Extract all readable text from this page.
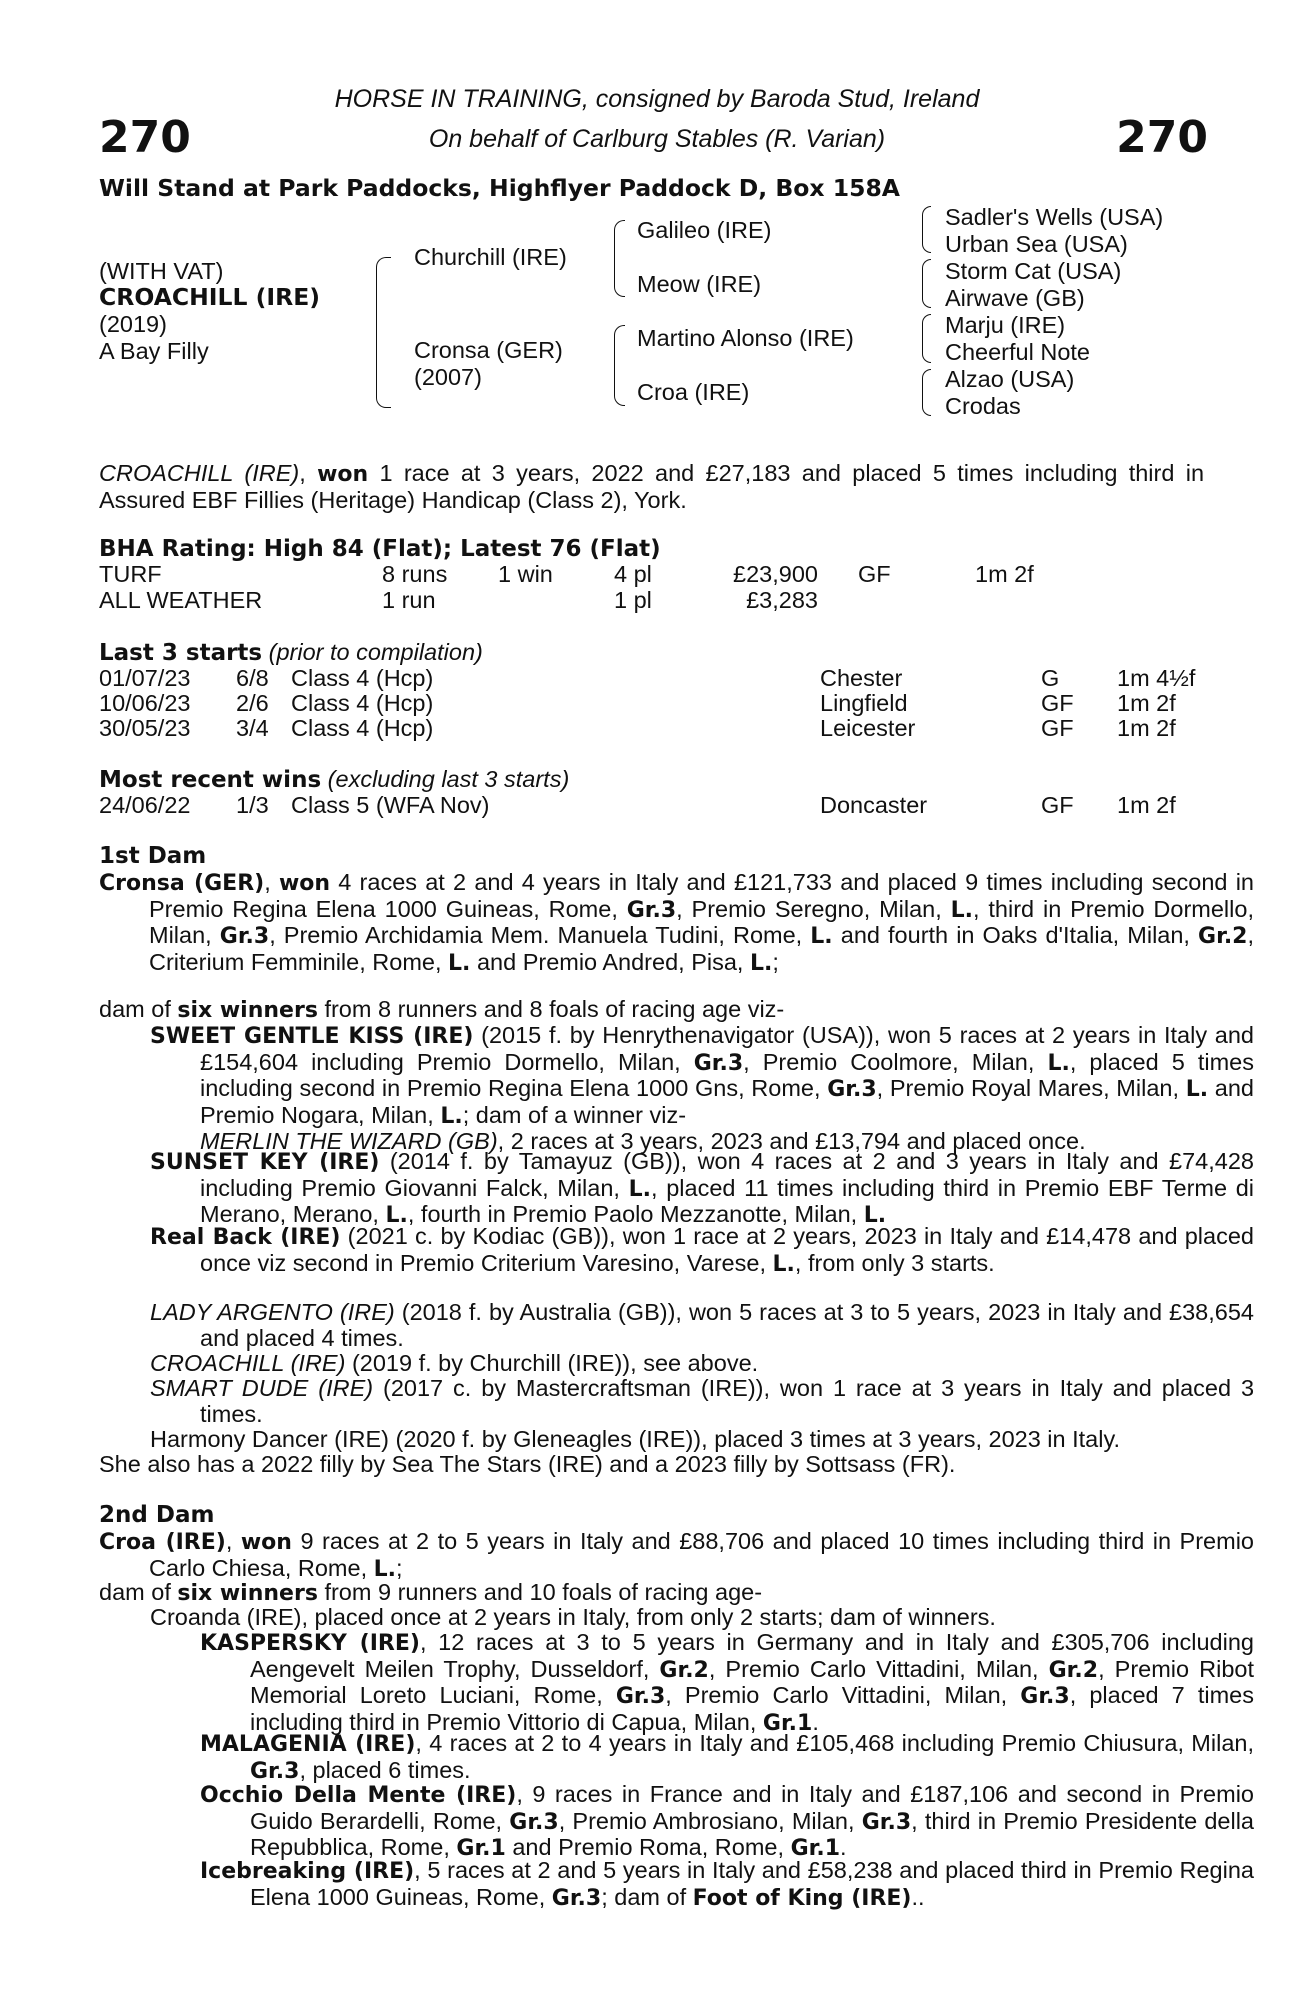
270	270
HORSE IN TRAINING, consigned by Baroda Stud, Ireland
On behalf of Carlburg Stables (R. Varian)
Will Stand at Park Paddocks, Highflyer Paddock D, Box 158A
(WITH VAT)
CROACHILL (IRE)
(2019)
A Bay Filly
Churchill (IRE)
Cronsa (GER)
(2007)
Galileo (IRE)
Meow (IRE)
Martino Alonso (IRE)
Croa (IRE)
Sadler's Wells (USA)
Urban Sea (USA)
Storm Cat (USA)
Airwave (GB)
Marju (IRE)
Cheerful Note
Alzao (USA)
Crodas
CROACHILL (IRE), won 1 race at 3 years, 2022 and £27,183 and placed 5 times including third in Assured EBF Fillies (Heritage) Handicap (Class 2), York.
BHA Rating: High 84 (Flat); Latest 76 (Flat)
TURF	8 runs 1 win	4 pl	£23,900 GF	1m 2f
ALL WEATHER	1 run	1 pl	£3,283
Last 3 starts (prior to compilation)
01/07/23 6/8 Class 4 (Hcp)	Chester	G 1m 4½f
10/06/23 2/6 Class 4 (Hcp)	Lingfield	GF 1m 2f
30/05/23 3/4 Class 4 (Hcp)	Leicester	GF 1m 2f
Most recent wins (excluding last 3 starts)
24/06/22 1/3 Class 5 (WFA Nov)	Doncaster	GF 1m 2f
1st Dam
Cronsa (GER), won 4 races at 2 and 4 years in Italy and £121,733 and placed 9 times including second in Premio Regina Elena 1000 Guineas, Rome, Gr.3, Premio Seregno, Milan, L., third in Premio Dormello, Milan, Gr.3, Premio Archidamia Mem. Manuela Tudini, Rome, L. and fourth in Oaks d'Italia, Milan, Gr.2, Criterium Femminile, Rome, L. and Premio Andred, Pisa, L.;
dam of six winners from 8 runners and 8 foals of racing age viz-
SWEET GENTLE KISS (IRE) (2015 f. by Henrythenavigator (USA)), won 5 races at 2 years in Italy and £154,604 including Premio Dormello, Milan, Gr.3, Premio Coolmore, Milan, L., placed 5 times including second in Premio Regina Elena 1000 Gns, Rome, Gr.3, Premio Royal Mares, Milan, L. and Premio Nogara, Milan, L.; dam of a winner viz-
MERLIN THE WIZARD (GB), 2 races at 3 years, 2023 and £13,794 and placed once.
SUNSET KEY (IRE) (2014 f. by Tamayuz (GB)), won 4 races at 2 and 3 years in Italy and £74,428 including Premio Giovanni Falck, Milan, L., placed 11 times including third in Premio EBF Terme di Merano, Merano, L., fourth in Premio Paolo Mezzanotte, Milan, L.
Real Back (IRE) (2021 c. by Kodiac (GB)), won 1 race at 2 years, 2023 in Italy and £14,478 and placed once viz second in Premio Criterium Varesino, Varese, L., from only 3 starts.
LADY ARGENTO (IRE) (2018 f. by Australia (GB)), won 5 races at 3 to 5 years, 2023 in Italy and £38,654 and placed 4 times.
CROACHILL (IRE) (2019 f. by Churchill (IRE)), see above.
SMART DUDE (IRE) (2017 c. by Mastercraftsman (IRE)), won 1 race at 3 years in Italy and placed 3 times.
Harmony Dancer (IRE) (2020 f. by Gleneagles (IRE)), placed 3 times at 3 years, 2023 in Italy.
She also has a 2022 filly by Sea The Stars (IRE) and a 2023 filly by Sottsass (FR).
2nd Dam
Croa (IRE), won 9 races at 2 to 5 years in Italy and £88,706 and placed 10 times including third in Premio Carlo Chiesa, Rome, L.;
dam of six winners from 9 runners and 10 foals of racing age-
Croanda (IRE), placed once at 2 years in Italy, from only 2 starts; dam of winners.
KASPERSKY (IRE), 12 races at 3 to 5 years in Germany and in Italy and £305,706 including Aengevelt Meilen Trophy, Dusseldorf, Gr.2, Premio Carlo Vittadini, Milan, Gr.2, Premio Ribot Memorial Loreto Luciani, Rome, Gr.3, Premio Carlo Vittadini, Milan, Gr.3, placed 7 times including third in Premio Vittorio di Capua, Milan, Gr.1.
MALAGENIA (IRE), 4 races at 2 to 4 years in Italy and £105,468 including Premio Chiusura, Milan, Gr.3, placed 6 times.
Occhio Della Mente (IRE), 9 races in France and in Italy and £187,106 and second in Premio Guido Berardelli, Rome, Gr.3, Premio Ambrosiano, Milan, Gr.3, third in Premio Presidente della Repubblica, Rome, Gr.1 and Premio Roma, Rome, Gr.1.
Icebreaking (IRE), 5 races at 2 and 5 years in Italy and £58,238 and placed third in Premio Regina Elena 1000 Guineas, Rome, Gr.3; dam of Foot of King (IRE)..
